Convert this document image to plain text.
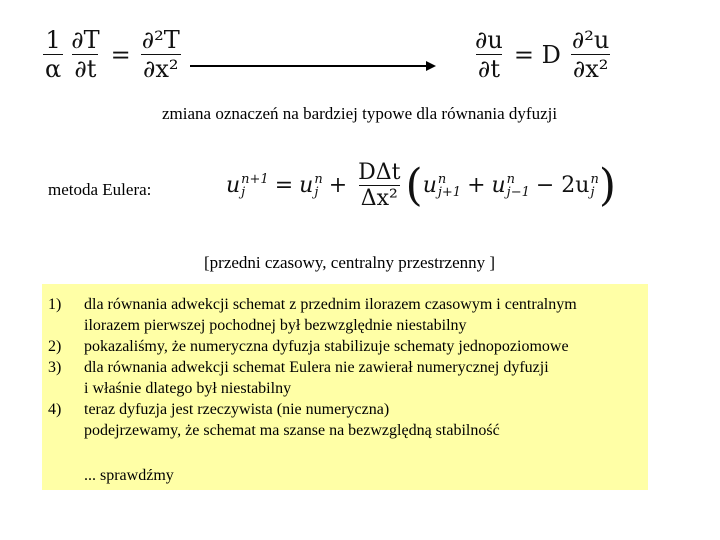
$\frac{1}{\alpha} \frac{\partial T}{\partial t} = \frac{\text{∂²T}}{\text{∂x²}}$	$\frac{\partial u}{\partial t} = D \frac{\text{∂²u}}{\text{∂x²}}$
zmiana oznaczeń na bardziej typowe dla równania dyfuzji
metoda Eulera:	u n+1
j	= u n
$j + \frac{\text{DΔt}}{\text{Δx²}}$ ( u n
j+1 + u n
j−1 − 2u n
j )
[przedni czasowy, centralny przestrzenny ]
1)
2)
3)
4)
dla równania adwekcji schemat z przednim ilorazem czasowym i centralnym
ilorazem pierwszej pochodnej był bezwzględnie niestabilny
pokazaliśmy, że numeryczna dyfuzja stabilizuje schematy jednopoziomowe
dla równania adwekcji schemat Eulera nie zawierał numerycznej dyfuzji
i właśnie dlatego był niestabilny
teraz dyfuzja jest rzeczywista (nie numeryczna)
podejrzewamy, że schemat ma szanse na bezwzględną stabilność
... sprawdźmy
